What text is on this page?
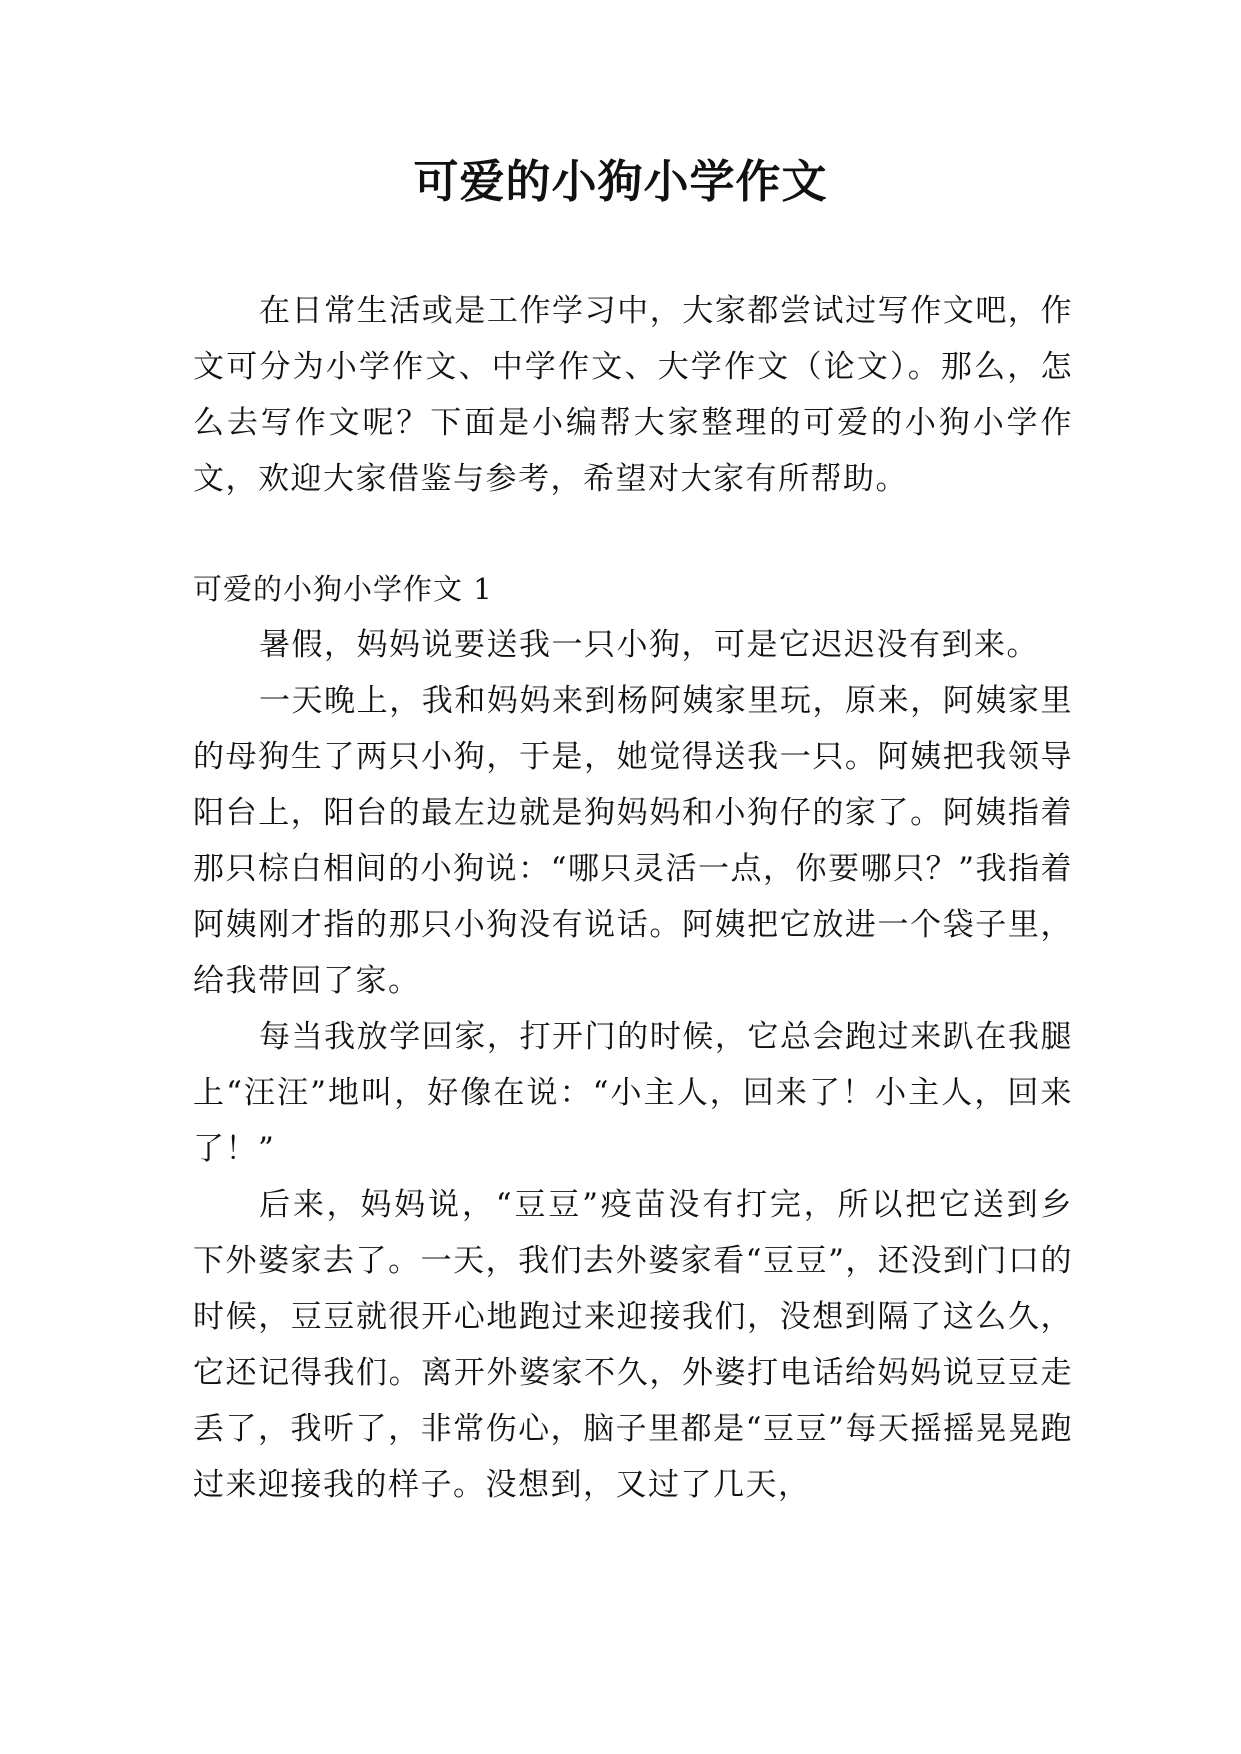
可爱的小狗小学作文

在日常生活或是工作学习中，大家都尝试过写作文吧，作文可分为小学作文、中学作文、大学作文（论文）。那么，怎么去写作文呢？下面是小编帮大家整理的可爱的小狗小学作文，欢迎大家借鉴与参考，希望对大家有所帮助。

可爱的小狗小学作文 1

暑假，妈妈说要送我一只小狗，可是它迟迟没有到来。

一天晚上，我和妈妈来到杨阿姨家里玩，原来，阿姨家里的母狗生了两只小狗，于是，她觉得送我一只。阿姨把我领导阳台上，阳台的最左边就是狗妈妈和小狗仔的家了。阿姨指着那只棕白相间的小狗说：“哪只灵活一点，你要哪只？”我指着阿姨刚才指的那只小狗没有说话。阿姨把它放进一个袋子里，给我带回了家。

每当我放学回家，打开门的时候，它总会跑过来趴在我腿上“汪汪”地叫，好像在说：“小主人，回来了！小主人，回来了！”

后来，妈妈说，“豆豆”疫苗没有打完，所以把它送到乡下外婆家去了。一天，我们去外婆家看“豆豆”，还没到门口的时候，豆豆就很开心地跑过来迎接我们，没想到隔了这么久，它还记得我们。离开外婆家不久，外婆打电话给妈妈说豆豆走丢了，我听了，非常伤心，脑子里都是“豆豆”每天摇摇晃晃跑过来迎接我的样子。没想到，又过了几天，
